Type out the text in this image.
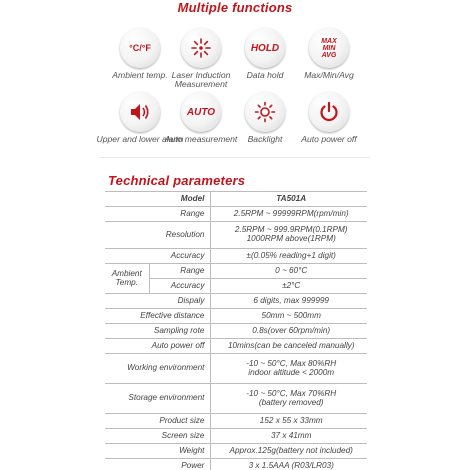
Multiple functions
°C/°F
Ambient temp. Laser Induction Measurement
HOLD
Data hold
MAX MIN AVG
Max/Min/Avg
Upper and lower alarm
AUTO
Auto measurement	Backlight	Auto power off
Technical parameters
Model		TA501A
Range		2.5RPM ~ 99999RPM(rpm/min)
Resolution		2.5RPM ~ 999.9RPM(0.1RPM)
1000RPM above(1RPM)

Accuracy		±(0.05% reading+1 digit)
Ambient Temp.	Range	0 ~ 60°C
	Accuracy	±2°C
Dispaly		6 digits, max 999999
Effective distance		50mm ~ 500mm
Sampling rote		0.8s(over 60rpm/min)
Auto power off		10mins(can be canceled manually)
Working environment		-10 ~ 50°C, Max 80%RH
indoor altitude < 2000m

Storage environment		-10 ~ 50°C, Max 70%RH
(battery removed)

Product size		152 x 55 x 33mm
Screen size		37 x 41mm
Weight		Approx.125g(battery not included)
Power		3 x 1.5AAA (R03/LR03)
